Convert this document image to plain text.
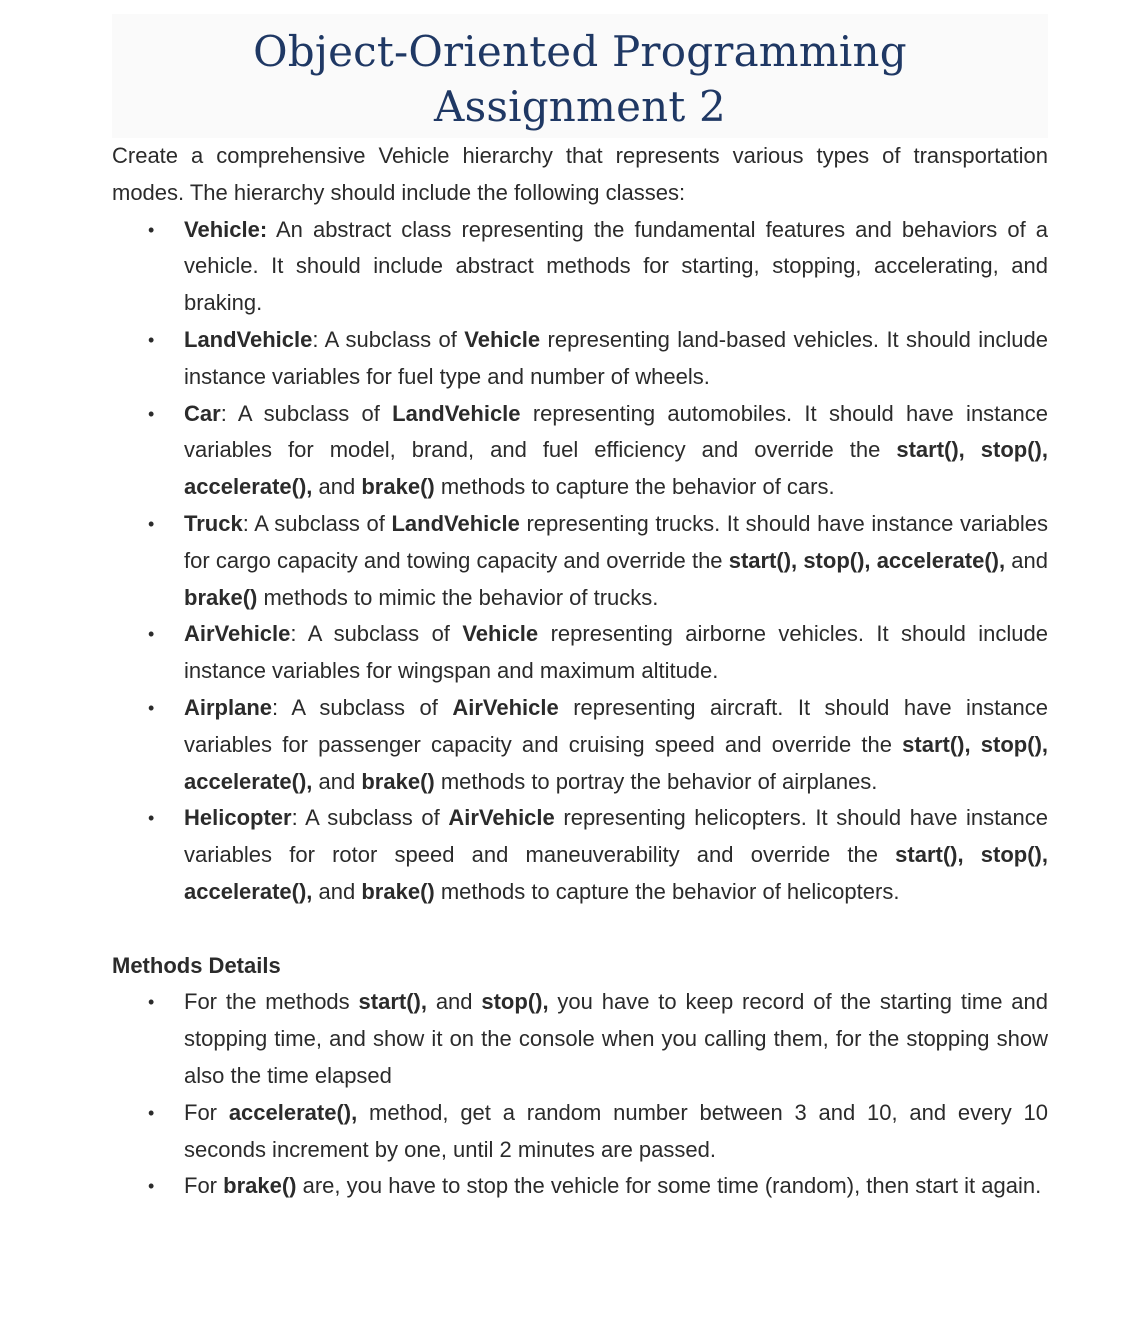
Object-Oriented Programming
Assignment 2

Create a comprehensive Vehicle hierarchy that represents various types of transportation modes. The hierarchy should include the following classes:

• Vehicle: An abstract class representing the fundamental features and behaviors of a vehicle. It should include abstract methods for starting, stopping, accelerating, and braking.
• LandVehicle: A subclass of Vehicle representing land-based vehicles. It should include instance variables for fuel type and number of wheels.
• Car: A subclass of LandVehicle representing automobiles. It should have instance variables for model, brand, and fuel efficiency and override the start(), stop(), accelerate(), and brake() methods to capture the behavior of cars.
• Truck: A subclass of LandVehicle representing trucks. It should have instance variables for cargo capacity and towing capacity and override the start(), stop(), accelerate(), and brake() methods to mimic the behavior of trucks.
• AirVehicle: A subclass of Vehicle representing airborne vehicles. It should include instance variables for wingspan and maximum altitude.
• Airplane: A subclass of AirVehicle representing aircraft. It should have instance variables for passenger capacity and cruising speed and override the start(), stop(), accelerate(), and brake() methods to portray the behavior of airplanes.
• Helicopter: A subclass of AirVehicle representing helicopters. It should have instance variables for rotor speed and maneuverability and override the start(), stop(), accelerate(), and brake() methods to capture the behavior of helicopters.

Methods Details

• For the methods start(), and stop(), you have to keep record of the starting time and stopping time, and show it on the console when you calling them, for the stopping show also the time elapsed
• For accelerate(), method, get a random number between 3 and 10, and every 10 seconds increment by one, until 2 minutes are passed.
• For brake() are, you have to stop the vehicle for some time (random), then start it again.
